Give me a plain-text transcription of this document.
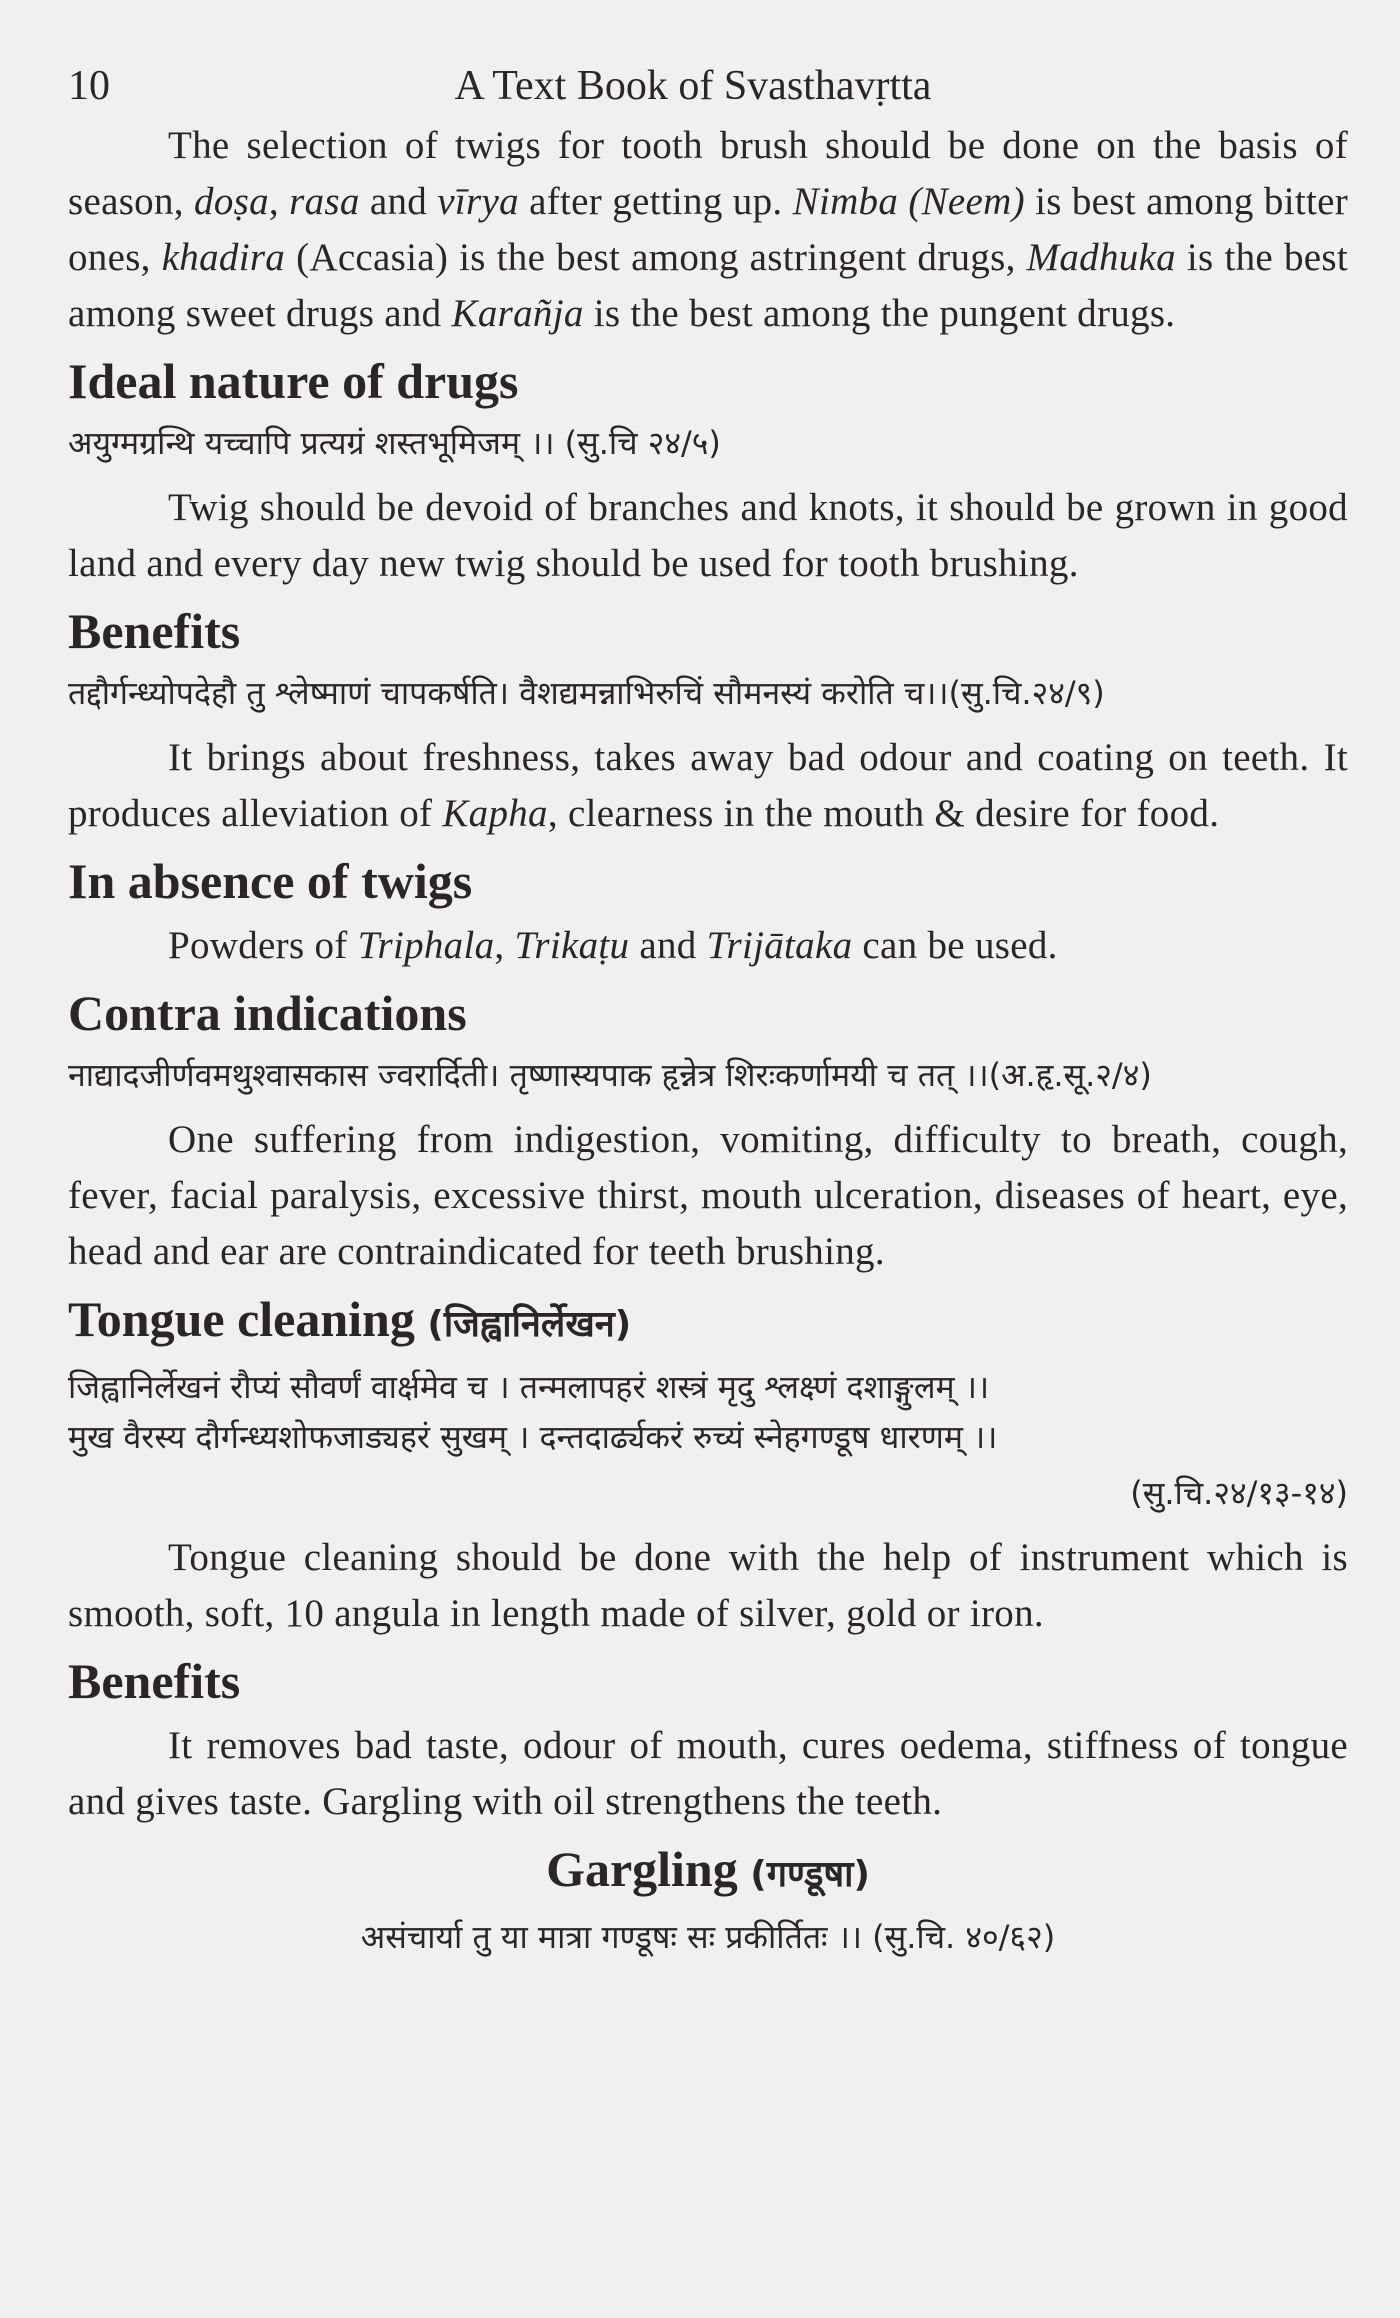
10	A Text Book of Svasthavṛtta

The selection of twigs for tooth brush should be done on the basis of season, doṣa, rasa and vīrya after getting up. Nimba (Neem) is best among bitter ones, khadira (Accasia) is the best among astringent drugs, Madhuka is the best among sweet drugs and Karañja is the best among the pungent drugs.

Ideal nature of drugs
अयुग्मग्रन्थि यच्चापि प्रत्यग्रं शस्तभूमिजम् ।। (सु.चि २४/५)

Twig should be devoid of branches and knots, it should be grown in good land and every day new twig should be used for tooth brushing.

Benefits
तद्दौर्गन्ध्योपदेहौ तु श्लेष्माणं चापकर्षति। वैशद्यमन्नाभिरुचिं सौमनस्यं करोति च।।(सु.चि.२४/९)

It brings about freshness, takes away bad odour and coating on teeth. It produces alleviation of Kapha, clearness in the mouth & desire for food.

In absence of twigs

Powders of Triphala, Trikaṭu and Trijātaka can be used.

Contra indications
नाद्यादजीर्णवमथुश्वासकास ज्वरार्दिती। तृष्णास्यपाक हृन्नेत्र शिरःकर्णामयी च तत् ।।(अ.हृ.सू.२/४)

One suffering from indigestion, vomiting, difficulty to breath, cough, fever, facial paralysis, excessive thirst, mouth ulceration, diseases of heart, eye, head and ear are contraindicated for teeth brushing.

Tongue cleaning (जिह्वानिर्लेखन)
जिह्वानिर्लेखनं रौप्यं सौवर्णं वार्क्षमेव च । तन्मलापहरं शस्त्रं मृदु श्लक्ष्णं दशाङ्गुलम् ।।
मुख वैरस्य दौर्गन्ध्यशोफजाड्यहरं सुखम् । दन्तदार्ढ्यकरं रुच्यं स्नेहगण्डूष धारणम् ।।
(सु.चि.२४/१३-१४)

Tongue cleaning should be done with the help of instrument which is smooth, soft, 10 angula in length made of silver, gold or iron.

Benefits

It removes bad taste, odour of mouth, cures oedema, stiffness of tongue and gives taste. Gargling with oil strengthens the teeth.

Gargling (गण्डूषा)
असंचार्या तु या मात्रा गण्डूषः सः प्रकीर्तितः ।। (सु.चि. ४०/६२)
